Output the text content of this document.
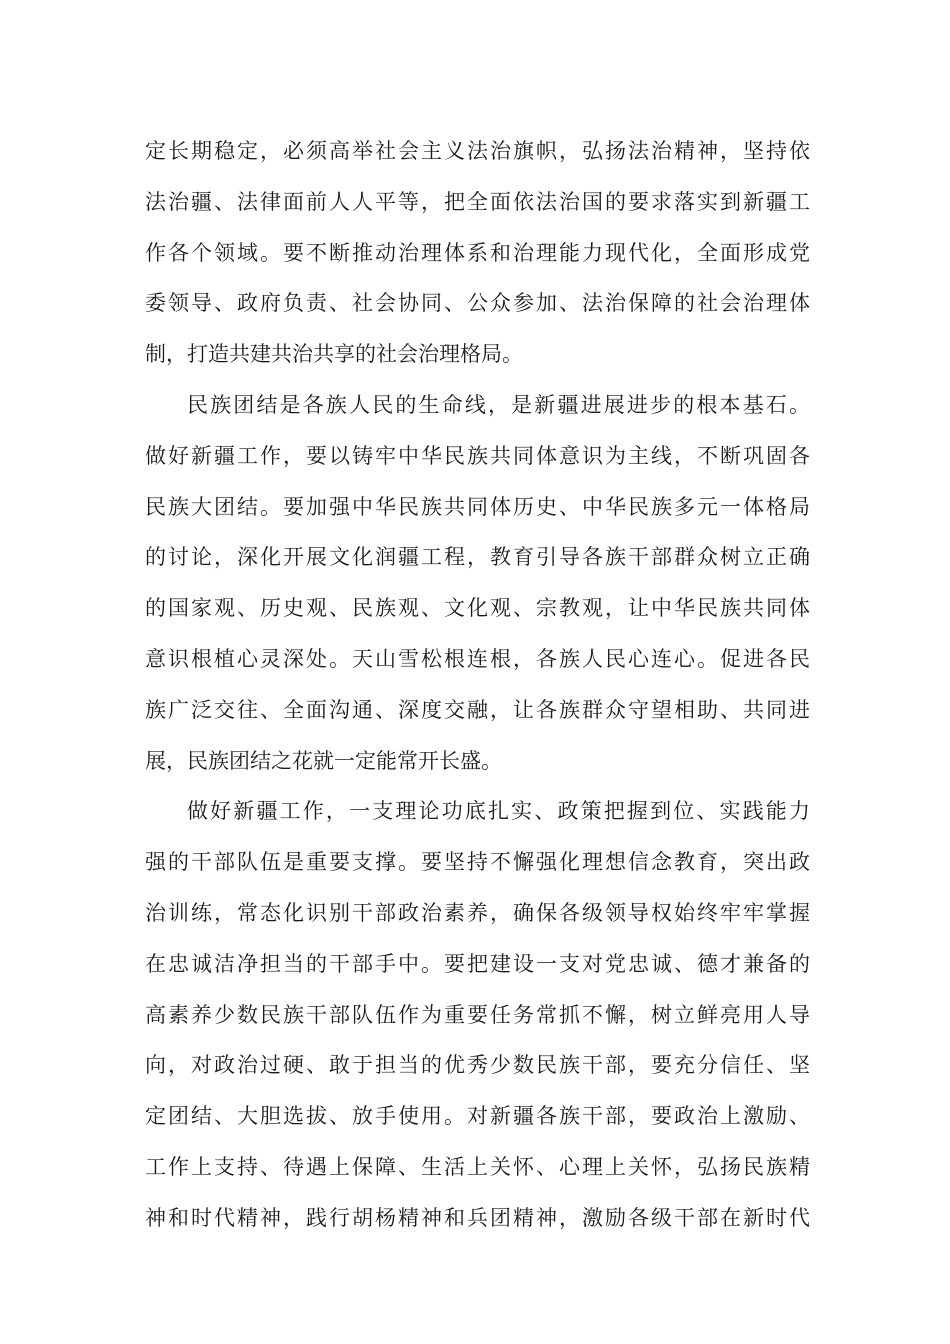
定长期稳定，必须高举社会主义法治旗帜，弘扬法治精神，坚持依
法治疆、法律面前人人平等，把全面依法治国的要求落实到新疆工
作各个领域。要不断推动治理体系和治理能力现代化，全面形成党
委领导、政府负责、社会协同、公众参加、法治保障的社会治理体
制，打造共建共治共享的社会治理格局。
民族团结是各族人民的生命线，是新疆进展进步的根本基石。
做好新疆工作，要以铸牢中华民族共同体意识为主线，不断巩固各
民族大团结。要加强中华民族共同体历史、中华民族多元一体格局
的讨论，深化开展文化润疆工程，教育引导各族干部群众树立正确
的国家观、历史观、民族观、文化观、宗教观，让中华民族共同体
意识根植心灵深处。天山雪松根连根，各族人民心连心。促进各民
族广泛交往、全面沟通、深度交融，让各族群众守望相助、共同进
展，民族团结之花就一定能常开长盛。
做好新疆工作，一支理论功底扎实、政策把握到位、实践能力
强的干部队伍是重要支撑。要坚持不懈强化理想信念教育，突出政
治训练，常态化识别干部政治素养，确保各级领导权始终牢牢掌握
在忠诚洁净担当的干部手中。要把建设一支对党忠诚、德才兼备的
高素养少数民族干部队伍作为重要任务常抓不懈，树立鲜亮用人导
向，对政治过硬、敢于担当的优秀少数民族干部，要充分信任、坚
定团结、大胆选拔、放手使用。对新疆各族干部，要政治上激励、
工作上支持、待遇上保障、生活上关怀、心理上关怀，弘扬民族精
神和时代精神，践行胡杨精神和兵团精神，激励各级干部在新时代
